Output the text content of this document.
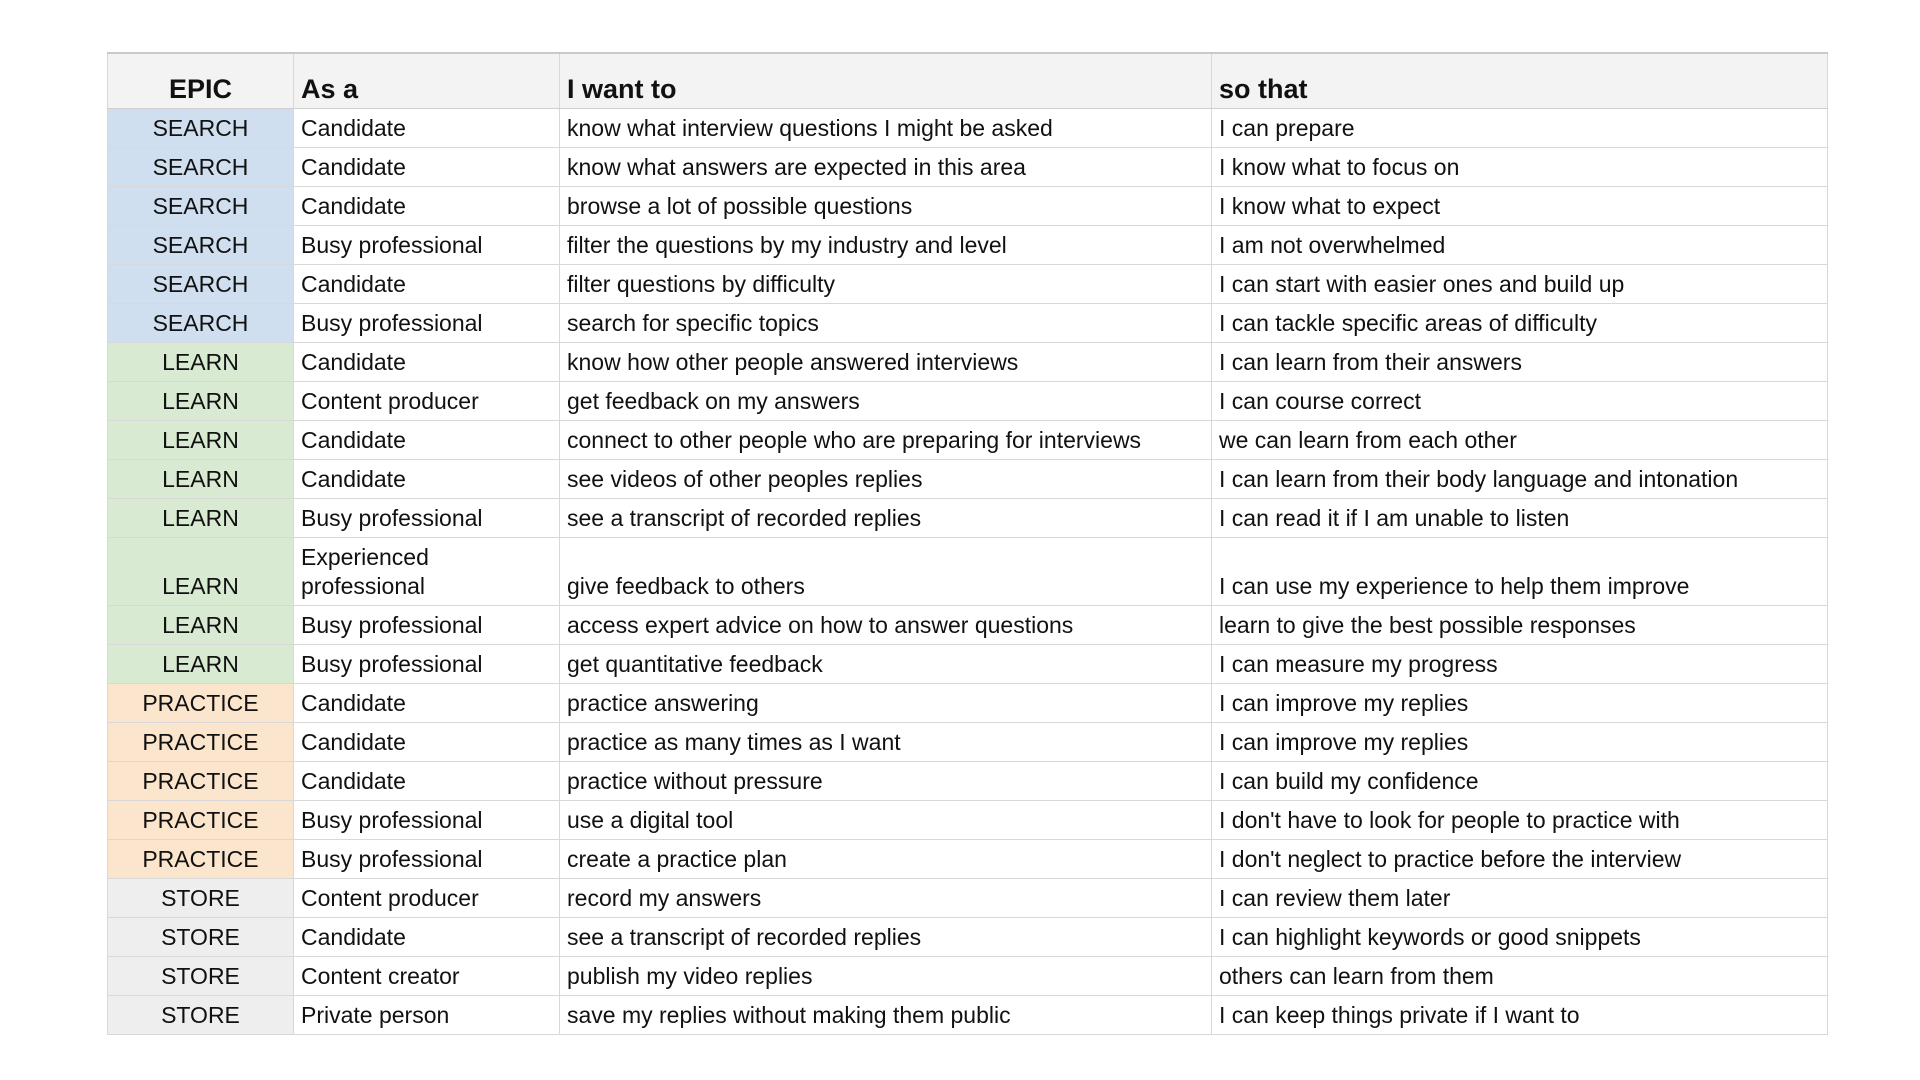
EPIC	As a	I want to	so that
SEARCH	Candidate	know what interview questions I might be asked	I can prepare
SEARCH	Candidate	know what answers are expected in this area	I know what to focus on
SEARCH	Candidate	browse a lot of possible questions	I know what to expect
SEARCH	Busy professional	filter the questions by my industry and level	I am not overwhelmed
SEARCH	Candidate	filter questions by difficulty	I can start with easier ones and build up
SEARCH	Busy professional	search for specific topics	I can tackle specific areas of difficulty
LEARN	Candidate	know how other people answered interviews	I can learn from their answers
LEARN	Content producer	get feedback on my answers	I can course correct
LEARN	Candidate	connect to other people who are preparing for interviews	we can learn from each other
LEARN	Candidate	see videos of other peoples replies	I can learn from their body language and intonation
LEARN	Busy professional	see a transcript of recorded replies	I can read it if I am unable to listen
LEARN	Experienced professional	give feedback to others	I can use my experience to help them improve
LEARN	Busy professional	access expert advice on how to answer questions	learn to give the best possible responses
LEARN	Busy professional	get quantitative feedback	I can measure my progress
PRACTICE	Candidate	practice answering	I can improve my replies
PRACTICE	Candidate	practice as many times as I want	I can improve my replies
PRACTICE	Candidate	practice without pressure	I can build my confidence
PRACTICE	Busy professional	use a digital tool	I don't have to look for people to practice with
PRACTICE	Busy professional	create a practice plan	I don't neglect to practice before the interview
STORE	Content producer	record my answers	I can review them later
STORE	Candidate	see a transcript of recorded replies	I can highlight keywords or good snippets
STORE	Content creator	publish my video replies	others can learn from them
STORE	Private person	save my replies without making them public	I can keep things private if I want to
